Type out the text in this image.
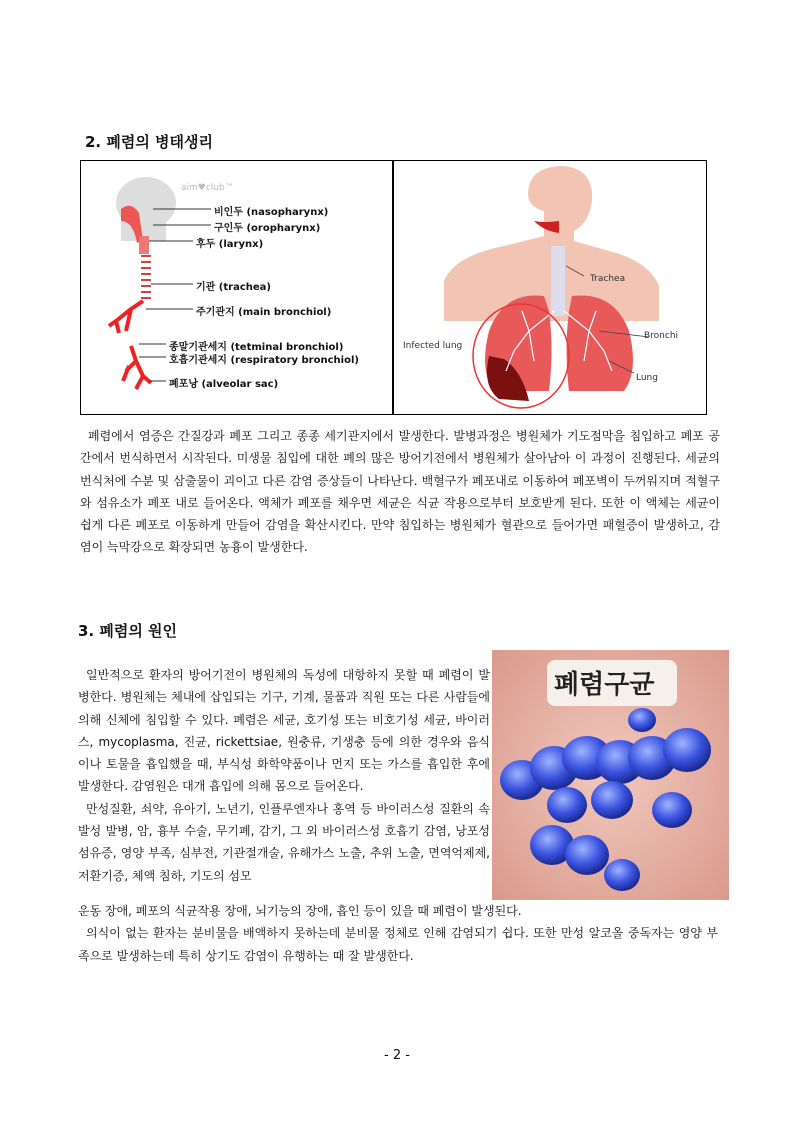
2. 폐렴의 병태생리
aim♥club™
비인두 (nasopharynx)
구인두 (oropharynx)
후두 (larynx)
기관 (trachea)
주기관지 (main bronchiol)
종말기관세지 (tetminal bronchiol)
호흡기관세지 (respiratory bronchiol)
폐포낭 (alveolar sac)
Trachea
Bronchi
Infected lung
Lung

폐렴에서 염증은 간질강과 폐포 그리고 종종 세기관지에서 발생한다. 발병과정은 병원체가 기도점막을 침입하고 폐포 공간에서 번식하면서 시작된다. 미생물 침입에 대한 폐의 많은 방어기전에서 병원체가 살아남아 이 과정이 진행된다. 세균의 번식처에 수분 및 삼출물이 괴이고 다른 감염 증상들이 나타난다. 백혈구가 폐포내로 이동하여 폐포벽이 두꺼워지며 적혈구와 섬유소가 폐포 내로 들어온다. 액체가 폐포를 채우면 세균은 식균 작용으로부터 보호받게 된다. 또한 이 액체는 세균이 쉽게 다른 폐포로 이동하게 만들어 감염을 확산시킨다. 만약 침입하는 병원체가 혈관으로 들어가면 패혈증이 발생하고, 감염이 늑막강으로 확장되면 농흉이 발생한다.

3. 폐렴의 원인
폐렴구균

일반적으로 환자의 방어기전이 병원체의 독성에 대항하지 못할 때 폐렴이 발병한다. 병원체는 체내에 삽입되는 기구, 기계, 물품과 직원 또는 다른 사람들에 의해 신체에 침입할 수 있다. 폐렴은 세균, 호기성 또는 비호기성 세균, 바이러스, mycoplasma, 진균, rickettsiae, 원충류, 기생충 등에 의한 경우와 음식이나 토물을 흡입했을 때, 부식성 화학약품이나 먼지 또는 가스를 흡입한 후에 발생한다. 감염원은 대개 흡입에 의해 몸으로 들어온다.

만성질환, 쇠약, 유아기, 노년기, 인플루엔자나 홍역 등 바이러스성 질환의 속발성 발병, 암, 흉부 수술, 무기폐, 감기, 그 외 바이러스성 호흡기 감염, 낭포성 섬유증, 영양 부족, 심부전, 기관절개술, 유해가스 노출, 추위 노출, 면역억제제, 저환기증, 체액 침하, 기도의 섬모

운동 장애, 폐포의 식균작용 장애, 뇌기능의 장애, 흡인 등이 있을 때 폐렴이 발생된다.

의식이 없는 환자는 분비물을 배액하지 못하는데 분비물 정체로 인해 감염되기 쉽다. 또한 만성 알코올 중독자는 영양 부족으로 발생하는데 특히 상기도 감염이 유행하는 때 잘 발생한다.

- 2 -
